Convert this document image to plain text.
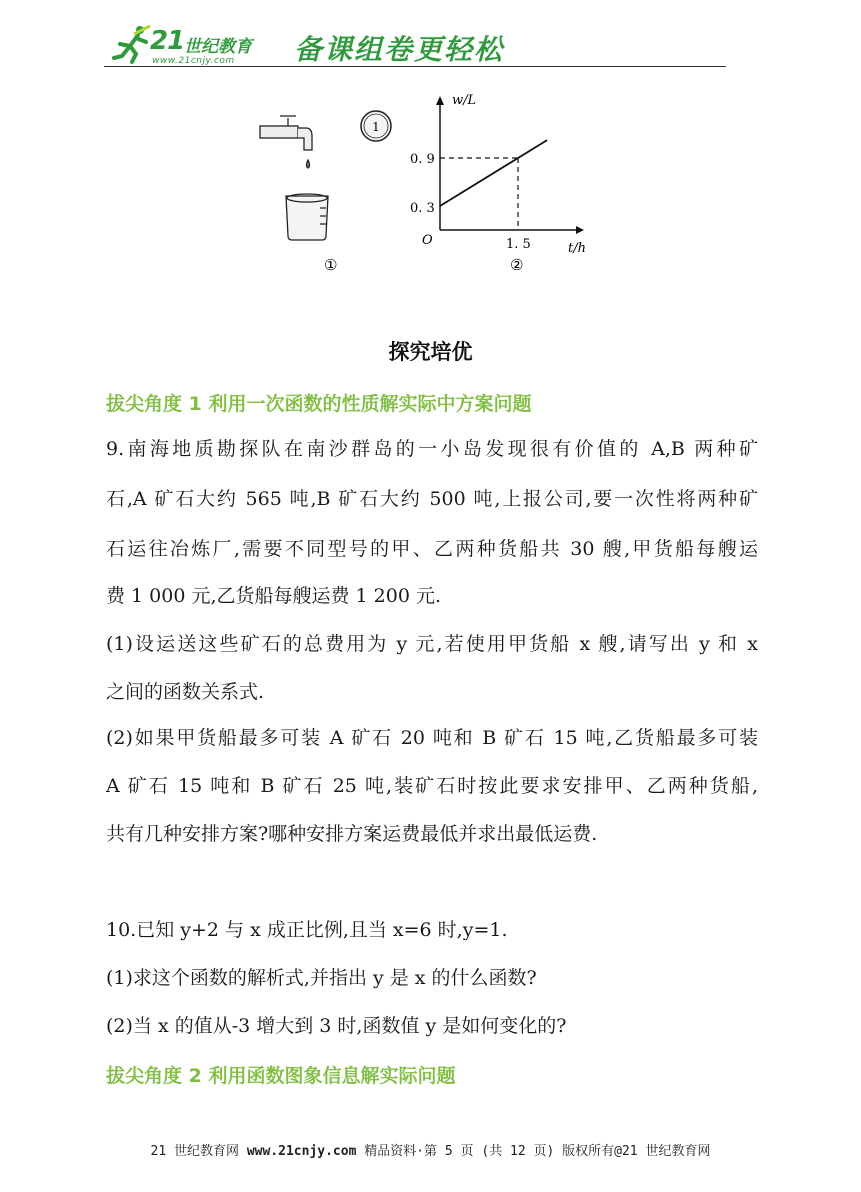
21 世纪教育
www.21cnjy.com 备课组卷更轻松
1
w/L
t/h
O
0. 3
0. 9
1. 5
①	②
探究培优
拔尖角度 1 利用一次函数的性质解实际中方案问题
9.南海地质勘探队在南沙群岛的一小岛发现很有价值的 A,B 两种矿
石,A 矿石大约 565 吨,B 矿石大约 500 吨,上报公司,要一次性将两种矿
石运往冶炼厂,需要不同型号的甲、乙两种货船共 30 艘,甲货船每艘运
费 1 000 元,乙货船每艘运费 1 200 元.
(1)设运送这些矿石的总费用为 y 元,若使用甲货船 x 艘,请写出 y 和 x
之间的函数关系式.
(2)如果甲货船最多可装 A 矿石 20 吨和 B 矿石 15 吨,乙货船最多可装
A 矿石 15 吨和 B 矿石 25 吨,装矿石时按此要求安排甲、乙两种货船,
共有几种安排方案?哪种安排方案运费最低并求出最低运费.
10.已知 y+2 与 x 成正比例,且当 x=6 时,y=1.
(1)求这个函数的解析式,并指出 y 是 x 的什么函数?
(2)当 x 的值从-3 增大到 3 时,函数值 y 是如何变化的?
拔尖角度 2 利用函数图象信息解实际问题
21 世纪教育网 www.21cnjy.com 精品资料·第 5 页 (共 12 页) 版权所有@21 世纪教育网
